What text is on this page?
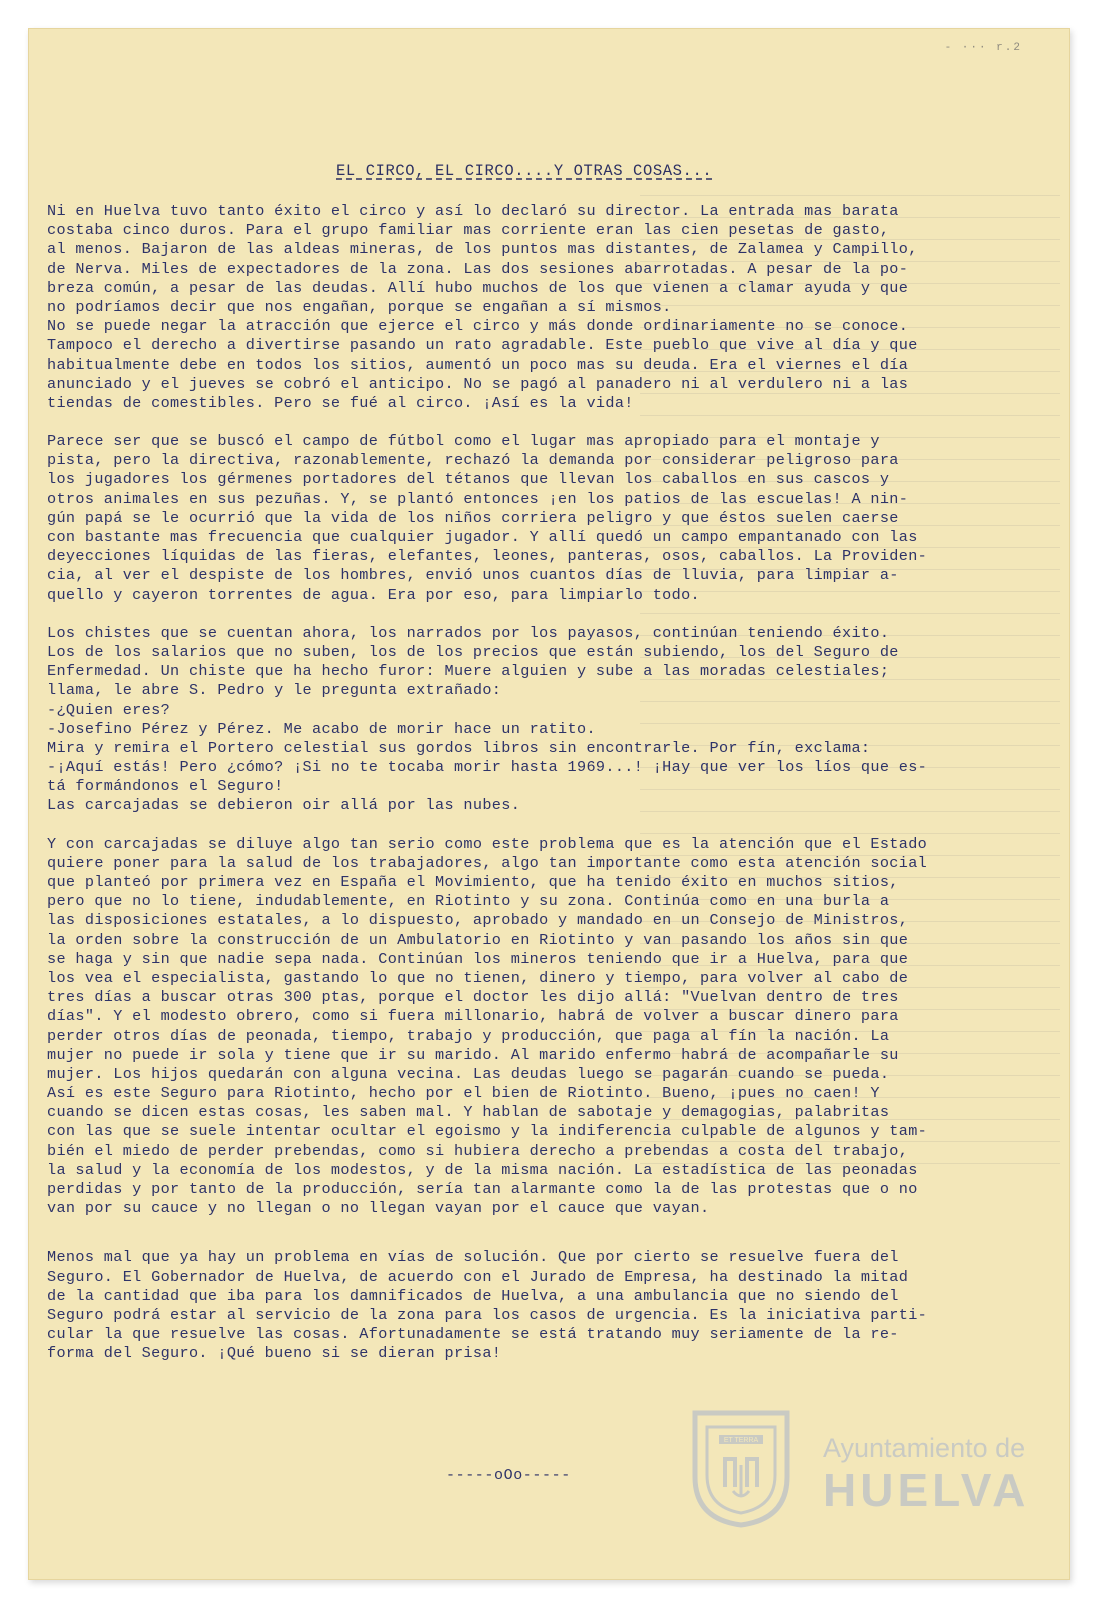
- ··· r.2
EL CIRCO, EL CIRCO....Y OTRAS COSAS...
Ni en Huelva tuvo tanto éxito el circo y así lo declaró su director. La entrada mas barata
costaba cinco duros. Para el grupo familiar mas corriente eran las cien pesetas de gasto,
al menos. Bajaron de las aldeas mineras, de los puntos mas distantes, de Zalamea y Campillo,
de Nerva. Miles de expectadores de la zona. Las dos sesiones abarrotadas. A pesar de la po-
breza común, a pesar de las deudas. Allí hubo muchos de los que vienen a clamar ayuda y que
no podríamos decir que nos engañan, porque se engañan a sí mismos.
No se puede negar la atracción que ejerce el circo y más donde ordinariamente no se conoce.
Tampoco el derecho a divertirse pasando un rato agradable. Este pueblo que vive al día y que
habitualmente debe en todos los sitios, aumentó un poco mas su deuda. Era el viernes el día
anunciado y el jueves se cobró el anticipo. No se pagó al panadero ni al verdulero ni a las
tiendas de comestibles. Pero se fué al circo. ¡Así es la vida!
Parece ser que se buscó el campo de fútbol como el lugar mas apropiado para el montaje y
pista, pero la directiva, razonablemente, rechazó la demanda por considerar peligroso para
los jugadores los gérmenes portadores del tétanos que llevan los caballos en sus cascos y
otros animales en sus pezuñas. Y, se plantó entonces ¡en los patios de las escuelas! A nin-
gún papá se le ocurrió que la vida de los niños corriera peligro y que éstos suelen caerse
con bastante mas frecuencia que cualquier jugador. Y allí quedó un campo empantanado con las
deyecciones líquidas de las fieras, elefantes, leones, panteras, osos, caballos. La Providen-
cia, al ver el despiste de los hombres, envió unos cuantos días de lluvia, para limpiar a-
quello y cayeron torrentes de agua. Era por eso, para limpiarlo todo.
Los chistes que se cuentan ahora, los narrados por los payasos, continúan teniendo éxito.
Los de los salarios que no suben, los de los precios que están subiendo, los del Seguro de
Enfermedad. Un chiste que ha hecho furor: Muere alguien y sube a las moradas celestiales;
llama, le abre S. Pedro y le pregunta extrañado:
-¿Quien eres?
-Josefino Pérez y Pérez. Me acabo de morir hace un ratito.
Mira y remira el Portero celestial sus gordos libros sin encontrarle. Por fín, exclama:
-¡Aquí estás! Pero ¿cómo? ¡Si no te tocaba morir hasta 1969...! ¡Hay que ver los líos que es-
tá formándonos el Seguro!
Las carcajadas se debieron oir allá por las nubes.
Y con carcajadas se diluye algo tan serio como este problema que es la atención que el Estado
quiere poner para la salud de los trabajadores, algo tan importante como esta atención social
que planteó por primera vez en España el Movimiento, que ha tenido éxito en muchos sitios,
pero que no lo tiene, indudablemente, en Riotinto y su zona. Continúa como en una burla a
las disposiciones estatales, a lo dispuesto, aprobado y mandado en un Consejo de Ministros,
la orden sobre la construcción de un Ambulatorio en Riotinto y van pasando los años sin que
se haga y sin que nadie sepa nada. Continúan los mineros teniendo que ir a Huelva, para que
los vea el especialista, gastando lo que no tienen, dinero y tiempo, para volver al cabo de
tres días a buscar otras 300 ptas, porque el doctor les dijo allá: "Vuelvan dentro de tres
días". Y el modesto obrero, como si fuera millonario, habrá de volver a buscar dinero para
perder otros días de peonada, tiempo, trabajo y producción, que paga al fín la nación. La
mujer no puede ir sola y tiene que ir su marido. Al marido enfermo habrá de acompañarle su
mujer. Los hijos quedarán con alguna vecina. Las deudas luego se pagarán cuando se pueda.
Así es este Seguro para Riotinto, hecho por el bien de Riotinto. Bueno, ¡pues no caen! Y
cuando se dicen estas cosas, les saben mal. Y hablan de sabotaje y demagogias, palabritas
con las que se suele intentar ocultar el egoismo y la indiferencia culpable de algunos y tam-
bién el miedo de perder prebendas, como si hubiera derecho a prebendas a costa del trabajo,
la salud y la economía de los modestos, y de la misma nación. La estadística de las peonadas
perdidas y por tanto de la producción, sería tan alarmante como la de las protestas que o no
van por su cauce y no llegan o no llegan vayan por el cauce que vayan.
Menos mal que ya hay un problema en vías de solución. Que por cierto se resuelve fuera del
Seguro. El Gobernador de Huelva, de acuerdo con el Jurado de Empresa, ha destinado la mitad
de la cantidad que iba para los damnificados de Huelva, a una ambulancia que no siendo del
Seguro podrá estar al servicio de la zona para los casos de urgencia. Es la iniciativa parti-
cular la que resuelve las cosas. Afortunadamente se está tratando muy seriamente de la re-
forma del Seguro. ¡Qué bueno si se dieran prisa!
-----oOo-----
ET TERRA Ayuntamiento de
HUELVA
